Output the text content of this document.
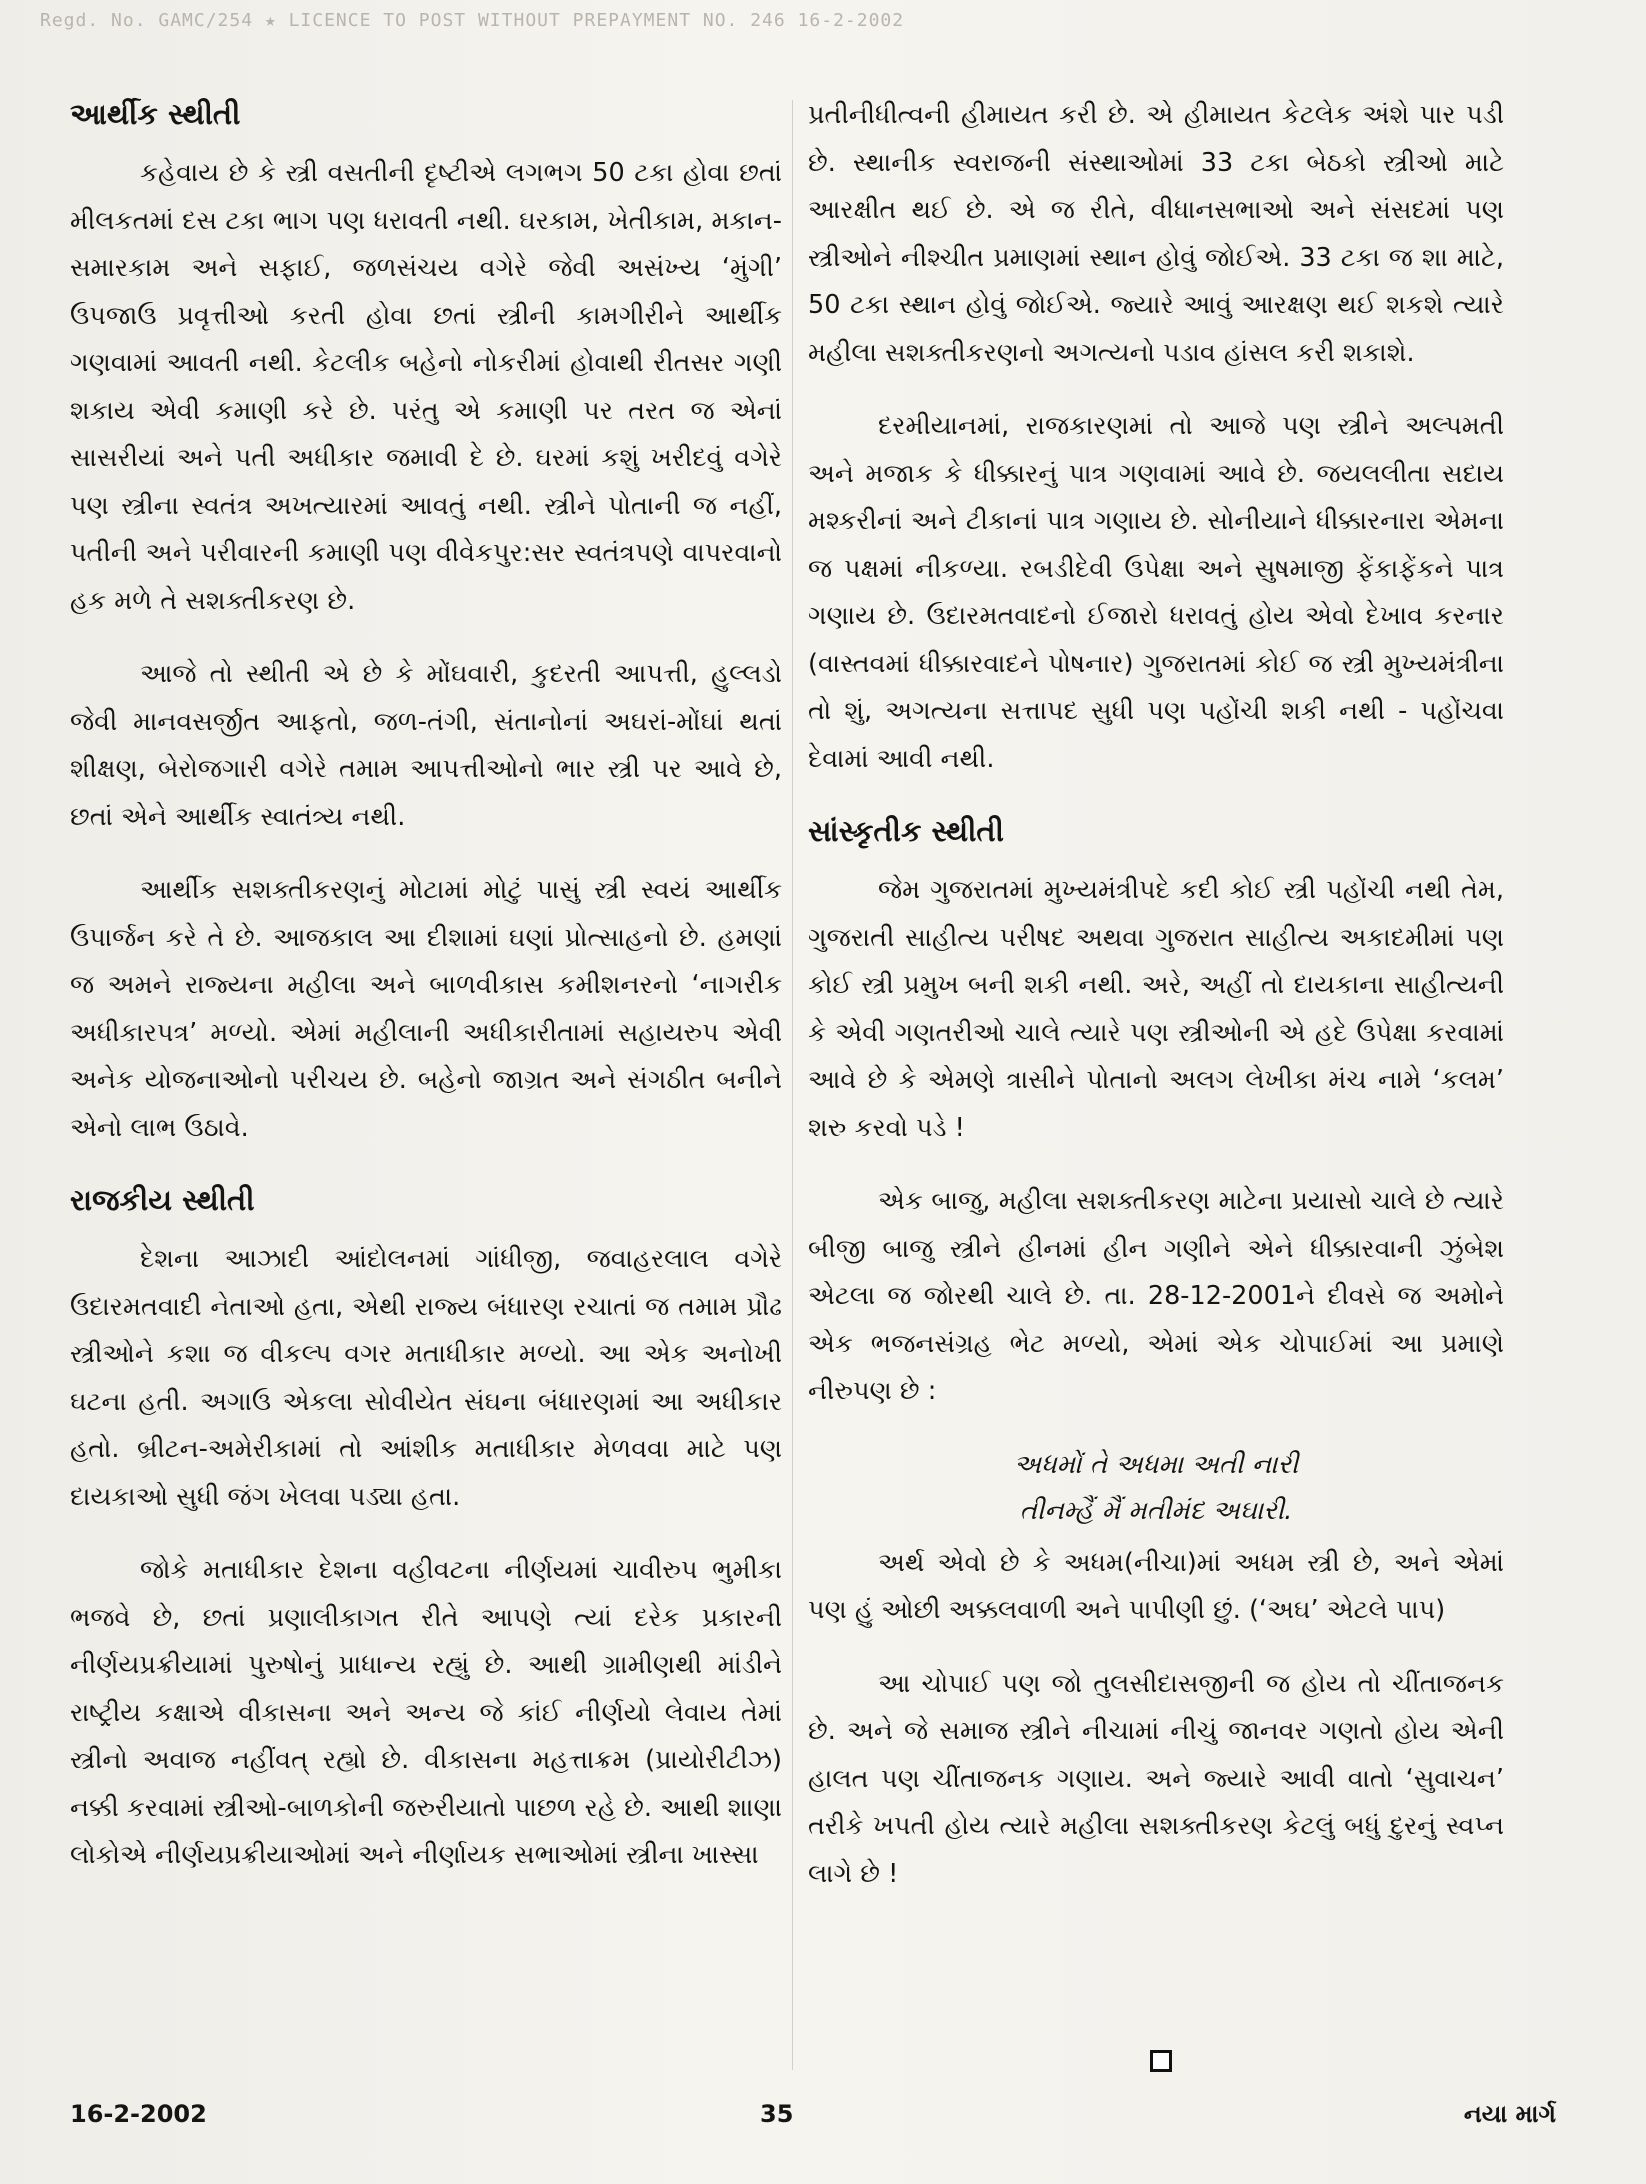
Regd. No. GAMC/254 ★ LICENCE TO POST WITHOUT PREPAYMENT NO. 246 16-2-2002
આર્થીક સ્થીતી

કહેવાય છે કે સ્ત્રી વસતીની દૃષ્ટીએ લગભગ 50 ટકા હોવા છતાં મીલકતમાં દસ ટકા ભાગ પણ ધરાવતી નથી. ઘરકામ, ખેતીકામ, મકાન-સમારકામ અને સફાઈ, જળસંચય વગેરે જેવી અસંખ્ય ‘મુંગી’ ઉપજાઉ પ્રવૃત્તીઓ કરતી હોવા છતાં સ્ત્રીની કામગીરીને આર્થીક ગણવામાં આવતી નથી. કેટલીક બહેનો નોકરીમાં હોવાથી રીતસર ગણી શકાય એવી કમાણી કરે છે. પરંતુ એ કમાણી પર તરત જ એનાં સાસરીયાં અને પતી અધીકાર જમાવી દે છે. ઘરમાં કશું ખરીદવું વગેરે પણ સ્ત્રીના સ્વતંત્ર અખત્યારમાં આવતું નથી. સ્ત્રીને પોતાની જ નહીં, પતીની અને પરીવારની કમાણી પણ વીવેકપુર:સર સ્વતંત્રપણે વાપરવાનો હક મળે તે સશક્તીકરણ છે.

આજે તો સ્થીતી એ છે કે મોંઘવારી, કુદરતી આપત્તી, હુલ્લડો જેવી માનવસર્જીત આફતો, જળ-તંગી, સંતાનોનાં અઘરાં-મોંઘાં થતાં શીક્ષણ, બેરોજગારી વગેરે તમામ આપત્તીઓનો ભાર સ્ત્રી પર આવે છે, છતાં એને આર્થીક સ્વાતંત્ર્ય નથી.

આર્થીક સશક્તીકરણનું મોટામાં મોટું પાસું સ્ત્રી સ્વયં આર્થીક ઉપાર્જન કરે તે છે. આજકાલ આ દીશામાં ઘણાં પ્રોત્સાહનો છે. હમણાં જ અમને રાજ્યના મહીલા અને બાળવીકાસ કમીશનરનો ‘નાગરીક અધીકારપત્ર’ મળ્યો. એમાં મહીલાની અધીકારીતામાં સહાયરુપ એવી અનેક યોજનાઓનો પરીચય છે. બહેનો જાગ્રત અને સંગઠીત બનીને એનો લાભ ઉઠાવે.

રાજકીય સ્થીતી

દેશના આઝાદી આંદોલનમાં ગાંધીજી, જવાહરલાલ વગેરે ઉદારમતવાદી નેતાઓ હતા, એથી રાજ્ય બંધારણ રચાતાં જ તમામ પ્રૌઢ સ્ત્રીઓને કશા જ વીકલ્પ વગર મતાધીકાર મળ્યો. આ એક અનોખી ઘટના હતી. અગાઉ એકલા સોવીયેત સંઘના બંધારણમાં આ અધીકાર હતો. બ્રીટન-અમેરીકામાં તો આંશીક મતાધીકાર મેળવવા માટે પણ દાયકાઓ સુધી જંગ ખેલવા પડ્યા હતા.

જોકે મતાધીકાર દેશના વહીવટના નીર્ણયમાં ચાવીરુપ ભુમીકા ભજવે છે, છતાં પ્રણાલીકાગત રીતે આપણે ત્યાં દરેક પ્રકારની નીર્ણયપ્રક્રીયામાં પુરુષોનું પ્રાધાન્ય રહ્યું છે. આથી ગ્રામીણથી માંડીને રાષ્ટ્રીય કક્ષાએ વીકાસના અને અન્ય જે કાંઈ નીર્ણયો લેવાય તેમાં સ્ત્રીનો અવાજ નહીંવત્ રહ્યો છે. વીકાસના મહત્તાક્રમ (પ્રાયોરીટીઝ) નક્કી કરવામાં સ્ત્રીઓ-બાળકોની જરુરીયાતો પાછળ રહે છે. આથી શાણા લોકોએ નીર્ણયપ્રક્રીયાઓમાં અને નીર્ણાયક સભાઓમાં સ્ત્રીના ખાસ્સા

પ્રતીનીધીત્વની હીમાયત કરી છે. એ હીમાયત કેટલેક અંશે પાર પડી છે. સ્થાનીક સ્વરાજની સંસ્થાઓમાં 33 ટકા બેઠકો સ્ત્રીઓ માટે આરક્ષીત થઈ છે. એ જ રીતે, વીધાનસભાઓ અને સંસદમાં પણ સ્ત્રીઓને નીશ્ચીત પ્રમાણમાં સ્થાન હોવું જોઈએ. 33 ટકા જ શા માટે, 50 ટકા સ્થાન હોવું જોઈએ. જ્યારે આવું આરક્ષણ થઈ શકશે ત્યારે મહીલા સશક્તીકરણનો અગત્યનો પડાવ હાંસલ કરી શકાશે.

દરમીયાનમાં, રાજકારણમાં તો આજે પણ સ્ત્રીને અલ્પમતી અને મજાક કે ધીક્કારનું પાત્ર ગણવામાં આવે છે. જયલલીતા સદાય મશ્કરીનાં અને ટીકાનાં પાત્ર ગણાય છે. સોનીયાને ધીક્કારનારા એમના જ પક્ષમાં નીકળ્યા. રબડીદેવી ઉપેક્ષા અને સુષમાજી ફેંકાફેંકને પાત્ર ગણાય છે. ઉદારમતવાદનો ઈજારો ધરાવતું હોય એવો દેખાવ કરનાર (વાસ્તવમાં ધીક્કારવાદને પોષનાર) ગુજરાતમાં કોઈ જ સ્ત્રી મુખ્યમંત્રીના તો શું, અગત્યના સત્તાપદ સુધી પણ પહોંચી શકી નથી - પહોંચવા દેવામાં આવી નથી.

સાંસ્કૃતીક સ્થીતી

જેમ ગુજરાતમાં મુખ્યમંત્રીપદે કદી કોઈ સ્ત્રી પહોંચી નથી તેમ, ગુજરાતી સાહીત્ય પરીષદ અથવા ગુજરાત સાહીત્ય અકાદમીમાં પણ કોઈ સ્ત્રી પ્રમુખ બની શકી નથી. અરે, અહીં તો દાયકાના સાહીત્યની કે એવી ગણતરીઓ ચાલે ત્યારે પણ સ્ત્રીઓની એ હદે ઉપેક્ષા કરવામાં આવે છે કે એમણે ત્રાસીને પોતાનો અલગ લેખીકા મંચ નામે ‘કલમ’ શરુ કરવો પડે !

એક બાજુ, મહીલા સશક્તીકરણ માટેના પ્રયાસો ચાલે છે ત્યારે બીજી બાજુ સ્ત્રીને હીનમાં હીન ગણીને એને ધીક્કારવાની ઝુંબેશ એટલા જ જોરથી ચાલે છે. તા. 28-12-2001ને દીવસે જ અમોને એક ભજનસંગ્રહ ભેટ મળ્યો, એમાં એક ચોપાઈમાં આ પ્રમાણે નીરુપણ છે :

અધમોં તે અધમા અતી નારી
તીનમ્હૈં મૈં મતીમંદ અઘારી.

અર્થ એવો છે કે અધમ(નીચા)માં અધમ સ્ત્રી છે, અને એમાં પણ હું ઓછી અક્કલવાળી અને પાપીણી છું. (‘અઘ’ એટલે પાપ)

આ ચોપાઈ પણ જો તુલસીદાસજીની જ હોય તો ચીંતાજનક છે. અને જે સમાજ સ્ત્રીને નીચામાં નીચું જાનવર ગણતો હોય એની હાલત પણ ચીંતાજનક ગણાય. અને જ્યારે આવી વાતો ‘સુવાચન’ તરીકે ખપતી હોય ત્યારે મહીલા સશક્તીકરણ કેટલું બધું દુરનું સ્વપ્ન લાગે છે !

16-2-2002	35	નયા માર્ગ
